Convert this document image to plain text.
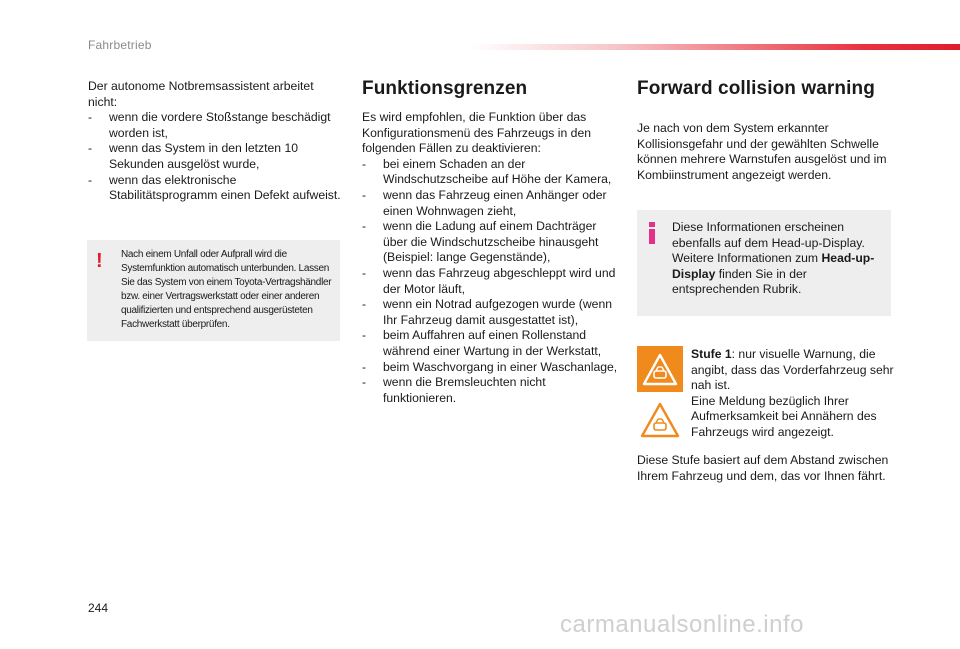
Fahrbetrieb

Der autonome Notbremsassistent arbeitet nicht:

- wenn die vordere Stoßstange beschädigt worden ist,
- wenn das System in den letzten 10 Sekunden ausgelöst wurde,
- wenn das elektronische Stabilitätsprogramm einen Defekt aufweist.
!	Nach einem Unfall oder Aufprall wird die Systemfunktion automatisch unterbunden. Lassen Sie das System von einem Toyota-Vertragshändler bzw. einer Vertragswerkstatt oder einer anderen qualifizierten und entsprechend ausgerüsteten Fachwerkstatt überprüfen.
Funktionsgrenzen

Es wird empfohlen, die Funktion über das Konfigurationsmenü des Fahrzeugs in den folgenden Fällen zu deaktivieren:

- bei einem Schaden an der Windschutzscheibe auf Höhe der Kamera,
- wenn das Fahrzeug einen Anhänger oder einen Wohnwagen zieht,
- wenn die Ladung auf einem Dachträger über die Windschutzscheibe hinausgeht (Beispiel: lange Gegenstände),
- wenn das Fahrzeug abgeschleppt wird und der Motor läuft,
- wenn ein Notrad aufgezogen wurde (wenn Ihr Fahrzeug damit ausgestattet ist),
- beim Auffahren auf einen Rollenstand während einer Wartung in der Werkstatt,
- beim Waschvorgang in einer Waschanlage,
- wenn die Bremsleuchten nicht funktionieren.
Forward collision warning

Je nach von dem System erkannter Kollisionsgefahr und der gewählten Schwelle können mehrere Warnstufen ausgelöst und im Kombiinstrument angezeigt werden.

Diese Informationen erscheinen ebenfalls auf dem Head-up-Display. Weitere Informationen zum Head-up-Display finden Sie in der entsprechenden Rubrik.

Stufe 1: nur visuelle Warnung, die angibt, dass das Vorderfahrzeug sehr nah ist.

Eine Meldung bezüglich Ihrer Aufmerksamkeit bei Annähern des Fahrzeugs wird angezeigt.

Diese Stufe basiert auf dem Abstand zwischen Ihrem Fahrzeug und dem, das vor Ihnen fährt.
244
carmanualsonline.info
